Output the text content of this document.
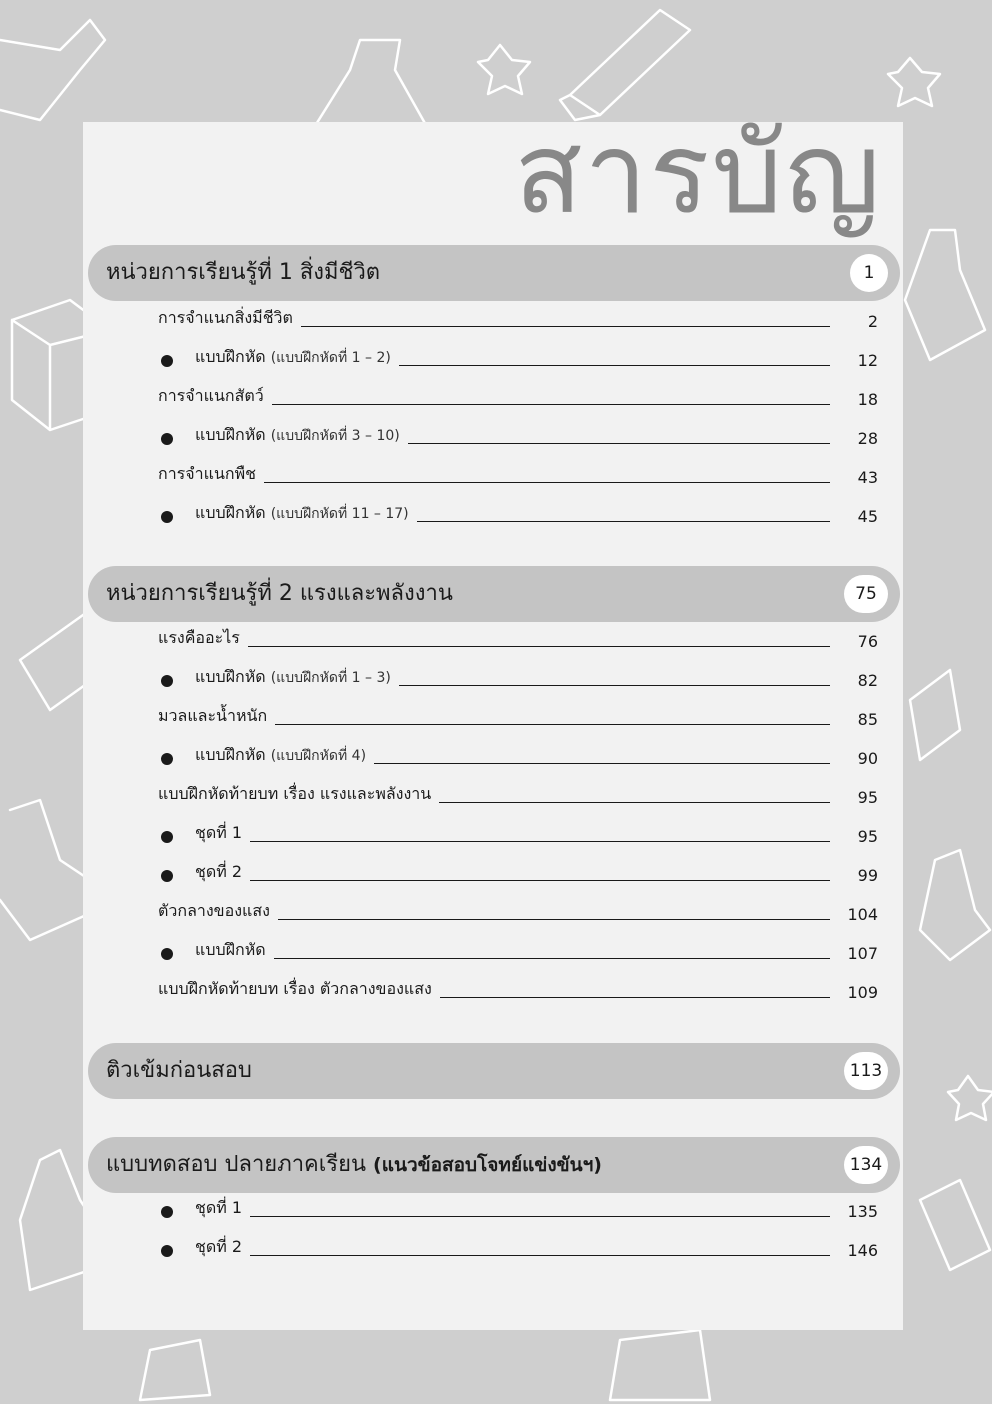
สารบัญ
หน่วยการเรียนรู้ที่ 1 สิ่งมีชีวิต	1
การจำแนกสิ่งมีชีวิต	2
แบบฝึกหัด (แบบฝึกหัดที่ 1 – 2)	12
การจำแนกสัตว์	18
แบบฝึกหัด (แบบฝึกหัดที่ 3 – 10)	28
การจำแนกพืช	43
แบบฝึกหัด (แบบฝึกหัดที่ 11 – 17)	45
หน่วยการเรียนรู้ที่ 2 แรงและพลังงาน	75
แรงคืออะไร	76
แบบฝึกหัด (แบบฝึกหัดที่ 1 – 3)	82
มวลและน้ำหนัก	85
แบบฝึกหัด (แบบฝึกหัดที่ 4)	90
แบบฝึกหัดท้ายบท เรื่อง แรงและพลังงาน	95
ชุดที่ 1	95
ชุดที่ 2	99
ตัวกลางของแสง	104
แบบฝึกหัด	107
แบบฝึกหัดท้ายบท เรื่อง ตัวกลางของแสง	109
ติวเข้มก่อนสอบ	113
แบบทดสอบ ปลายภาคเรียน (แนวข้อสอบโจทย์แข่งขันฯ)	134
ชุดที่ 1	135
ชุดที่ 2	146
